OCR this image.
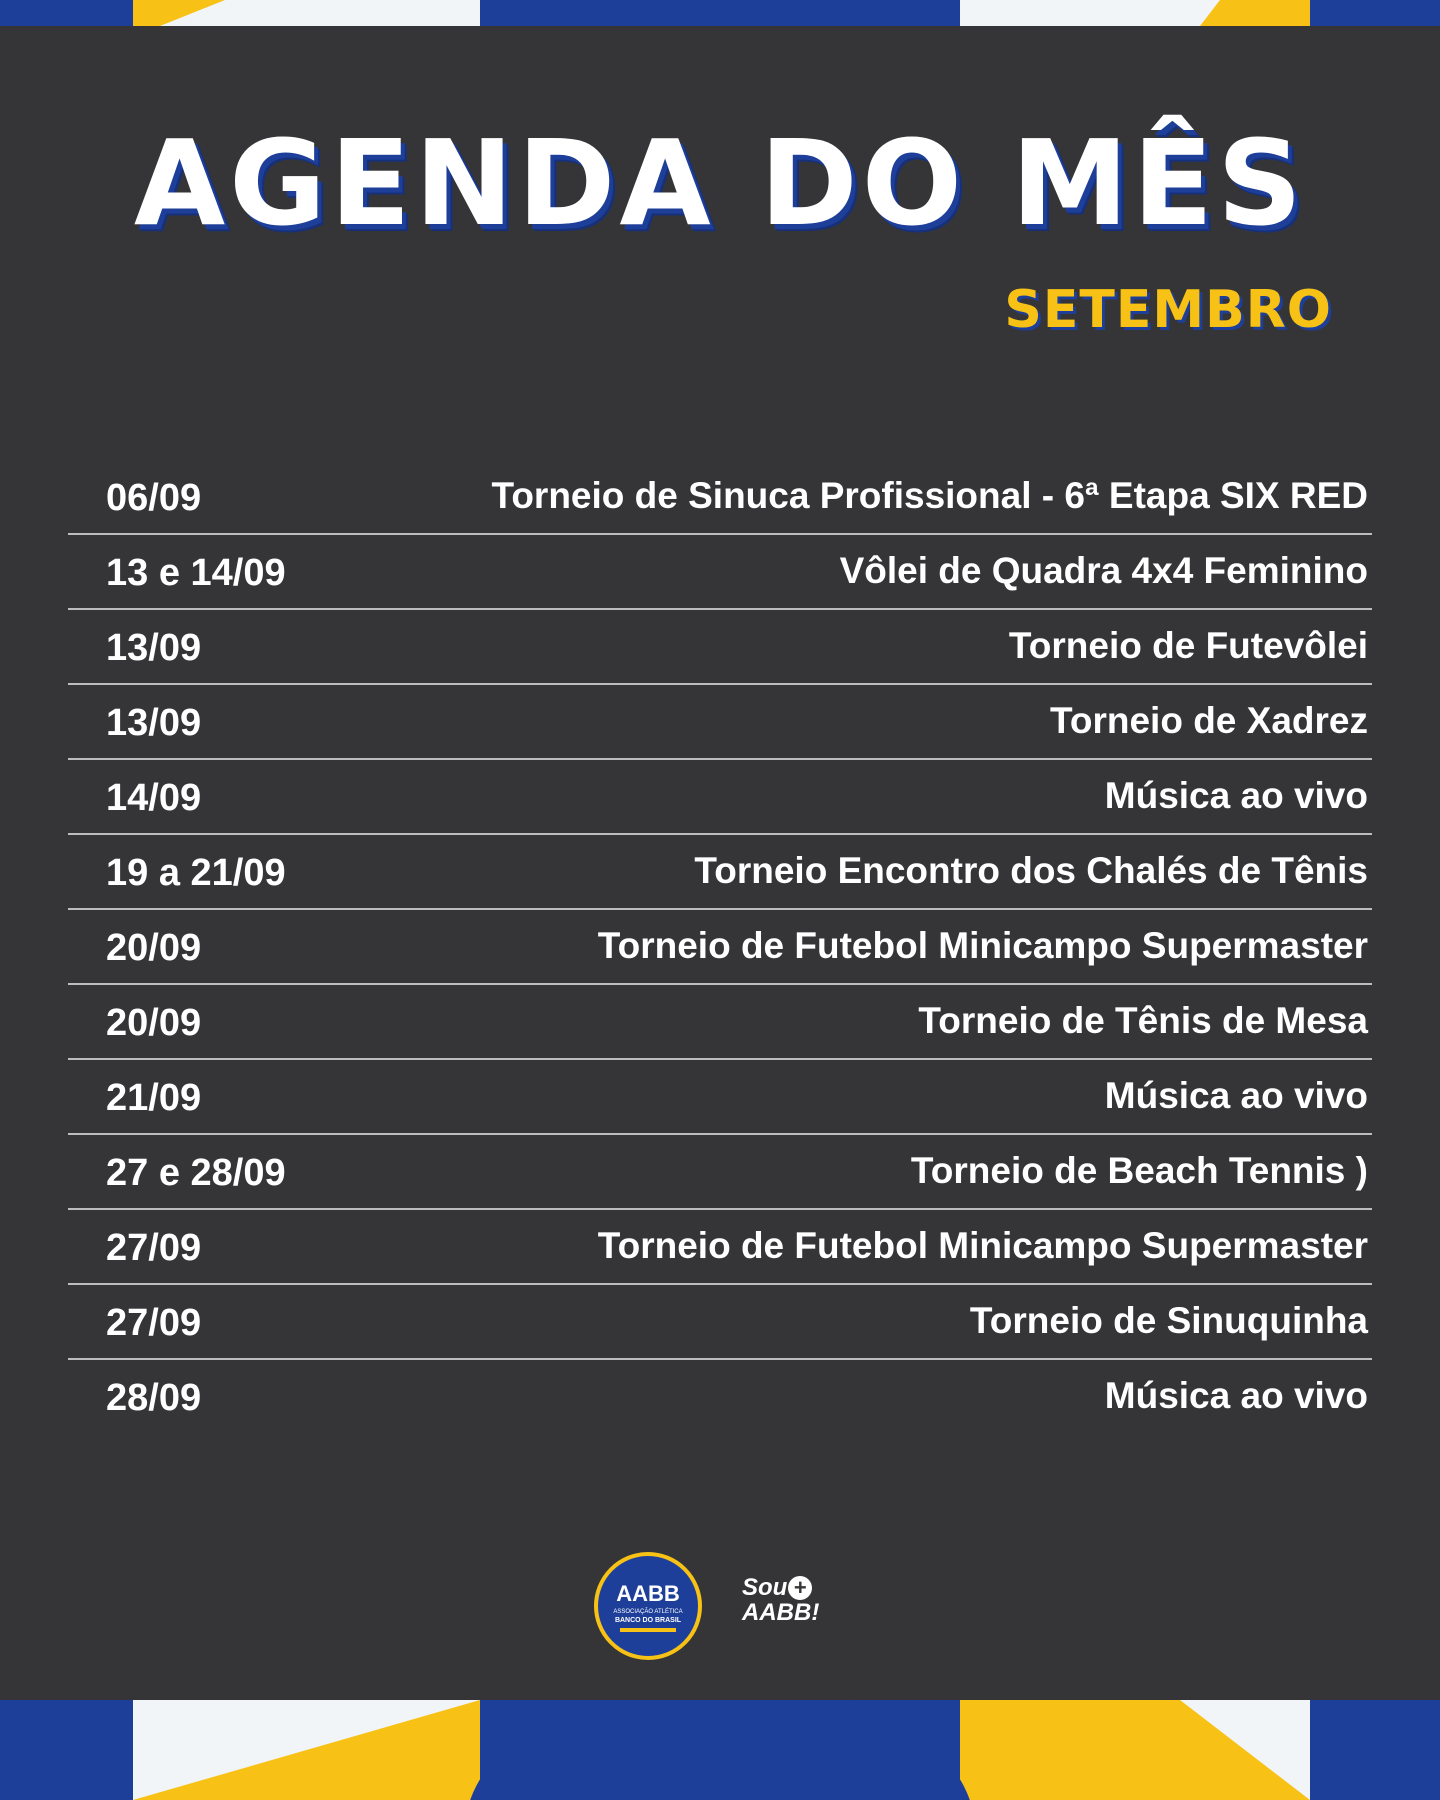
AGENDA DO MÊS
SETEMBRO
06/09	Torneio de Sinuca Profissional - 6ª Etapa SIX RED
13 e 14/09	Vôlei de Quadra 4x4 Feminino
13/09	Torneio de Futevôlei
13/09	Torneio de Xadrez
14/09	Música ao vivo
19 a 21/09	Torneio Encontro dos Chalés de Tênis
20/09	Torneio de Futebol Minicampo Supermaster
20/09	Torneio de Tênis de Mesa
21/09	Música ao vivo
27 e 28/09	Torneio de Beach Tennis )
27/09	Torneio de Futebol Minicampo Supermaster
27/09	Torneio de Sinuquinha
28/09	Música ao vivo
AABB
ASSOCIAÇÃO ATLÉTICA
BANCO DO BRASIL
Sou +
AABB!
